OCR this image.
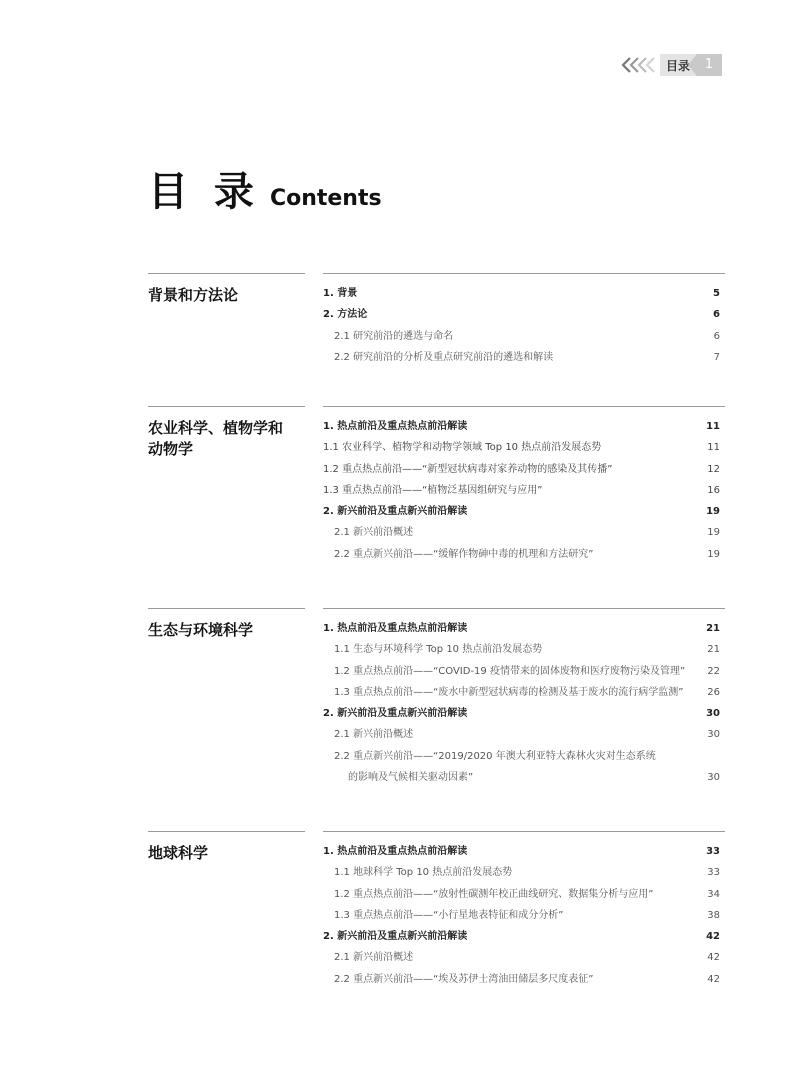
目录	1
目 录 Contents
背景和方法论	1. 背景	5
2. 方法论	6
2.1 研究前沿的遴选与命名	6
2.2 研究前沿的分析及重点研究前沿的遴选和解读	7
农业科学、植物学和动物学
1. 热点前沿及重点热点前沿解读	11
1.1 农业科学、植物学和动物学领域 Top 10 热点前沿发展态势	11
1.2 重点热点前沿——“新型冠状病毒对家养动物的感染及其传播”	12
1.3 重点热点前沿——“植物泛基因组研究与应用”	16
2. 新兴前沿及重点新兴前沿解读	19
2.1 新兴前沿概述	19
2.2 重点新兴前沿——“缓解作物砷中毒的机理和方法研究”	19
生态与环境科学	1. 热点前沿及重点热点前沿解读	21
1.1 生态与环境科学 Top 10 热点前沿发展态势	21
1.2 重点热点前沿——“COVID-19 疫情带来的固体废物和医疗废物污染及管理” 22
1.3 重点热点前沿——“废水中新型冠状病毒的检测及基于废水的流行病学监测” 26
2. 新兴前沿及重点新兴前沿解读	30
2.1 新兴前沿概述	30
2.2 重点新兴前沿——“2019/2020 年澳大利亚特大森林火灾对生态系统
的影响及气候相关驱动因素”	30
地球科学	1. 热点前沿及重点热点前沿解读	33
1.1 地球科学 Top 10 热点前沿发展态势	33
1.2 重点热点前沿——“放射性碳测年校正曲线研究、数据集分析与应用”	34
1.3 重点热点前沿——“小行星地表特征和成分分析”	38
2. 新兴前沿及重点新兴前沿解读	42
2.1 新兴前沿概述	42
2.2 重点新兴前沿——“埃及苏伊士湾油田储层多尺度表征”	42
